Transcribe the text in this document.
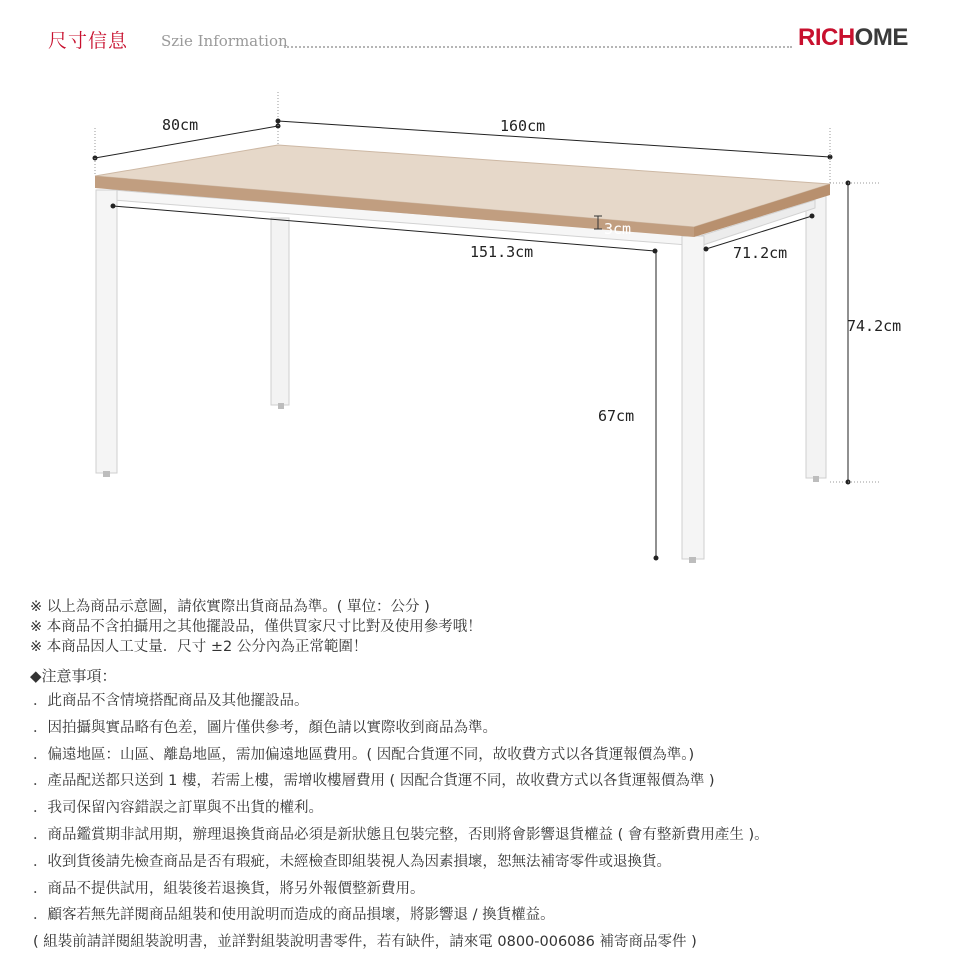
尺寸信息 Szie Information	RICHOME
80cm	160cm
3cm
151.3cm	71.2cm
74.2cm
67cm
※ 以上為商品示意圖，請依實際出貨商品為準。( 單位：公分 )
※ 本商品不含拍攝用之其他擺設品，僅供買家尺寸比對及使用參考哦！
※ 本商品因人工丈量．尺寸 ±2 公分內為正常範圍！
◆注意事項：
．此商品不含情境搭配商品及其他擺設品。
．因拍攝與實品略有色差，圖片僅供參考，顏色請以實際收到商品為準。
．偏遠地區：山區、離島地區，需加偏遠地區費用。( 因配合貨運不同，故收費方式以各貨運報價為準。)
．產品配送都只送到 1 樓，若需上樓，需增收樓層費用 ( 因配合貨運不同，故收費方式以各貨運報價為準 )
．我司保留內容錯誤之訂單與不出貨的權利。
．商品鑑賞期非試用期，辦理退換貨商品必須是新狀態且包裝完整，否則將會影響退貨權益 ( 會有整新費用產生 )。
．收到貨後請先檢查商品是否有瑕疵，未經檢查即組裝視人為因素損壞，恕無法補寄零件或退換貨。
．商品不提供試用，組裝後若退換貨，將另外報價整新費用。
．顧客若無先詳閱商品組裝和使用說明而造成的商品損壞，將影響退 / 換貨權益。
( 組裝前請詳閱組裝說明書，並詳對組裝說明書零件，若有缺件，請來電 0800-006086 補寄商品零件 )
